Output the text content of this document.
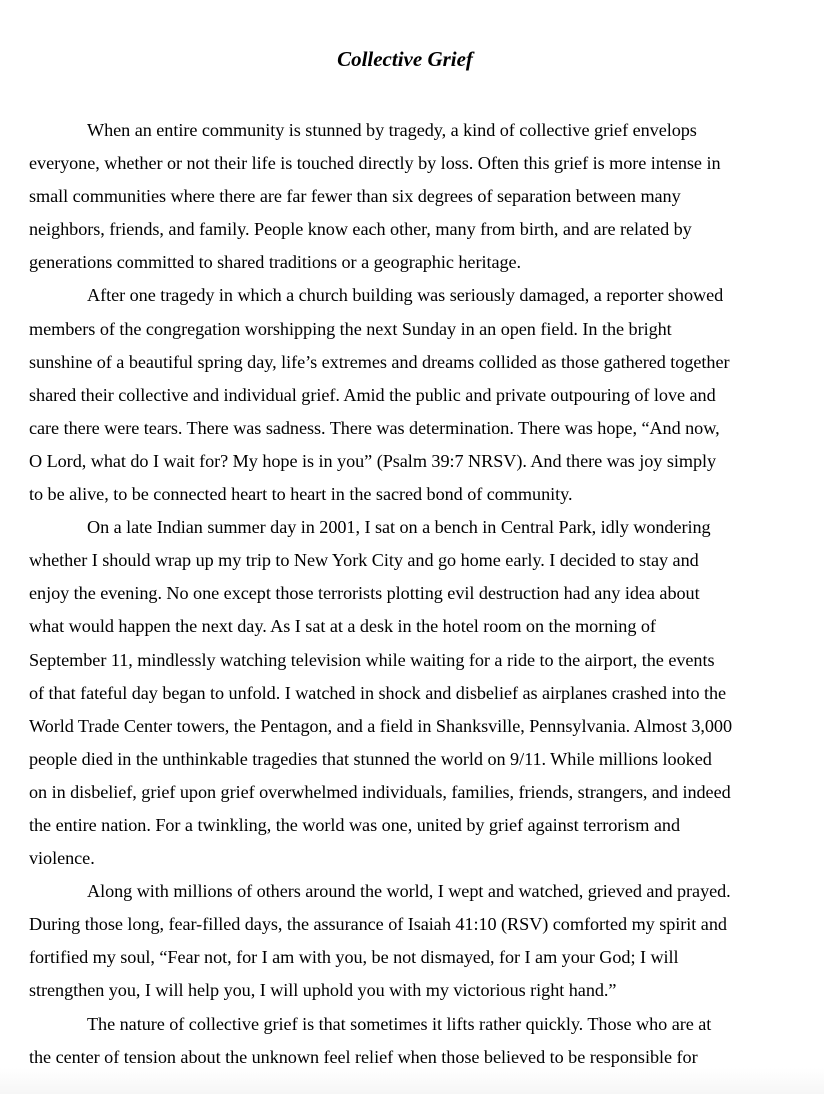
Collective Grief
When an entire community is stunned by tragedy, a kind of collective grief envelops
everyone, whether or not their life is touched directly by loss. Often this grief is more intense in
small communities where there are far fewer than six degrees of separation between many
neighbors, friends, and family. People know each other, many from birth, and are related by
generations committed to shared traditions or a geographic heritage.
After one tragedy in which a church building was seriously damaged, a reporter showed
members of the congregation worshipping the next Sunday in an open field. In the bright
sunshine of a beautiful spring day, life’s extremes and dreams collided as those gathered together
shared their collective and individual grief. Amid the public and private outpouring of love and
care there were tears. There was sadness. There was determination. There was hope, “And now,
O Lord, what do I wait for? My hope is in you” (Psalm 39:7 NRSV). And there was joy simply
to be alive, to be connected heart to heart in the sacred bond of community.
On a late Indian summer day in 2001, I sat on a bench in Central Park, idly wondering
whether I should wrap up my trip to New York City and go home early. I decided to stay and
enjoy the evening. No one except those terrorists plotting evil destruction had any idea about
what would happen the next day. As I sat at a desk in the hotel room on the morning of
September 11, mindlessly watching television while waiting for a ride to the airport, the events
of that fateful day began to unfold. I watched in shock and disbelief as airplanes crashed into the
World Trade Center towers, the Pentagon, and a field in Shanksville, Pennsylvania. Almost 3,000
people died in the unthinkable tragedies that stunned the world on 9/11. While millions looked
on in disbelief, grief upon grief overwhelmed individuals, families, friends, strangers, and indeed
the entire nation. For a twinkling, the world was one, united by grief against terrorism and
violence.
Along with millions of others around the world, I wept and watched, grieved and prayed.
During those long, fear-filled days, the assurance of Isaiah 41:10 (RSV) comforted my spirit and
fortified my soul, “Fear not, for I am with you, be not dismayed, for I am your God; I will
strengthen you, I will help you, I will uphold you with my victorious right hand.”
The nature of collective grief is that sometimes it lifts rather quickly. Those who are at
the center of tension about the unknown feel relief when those believed to be responsible for
